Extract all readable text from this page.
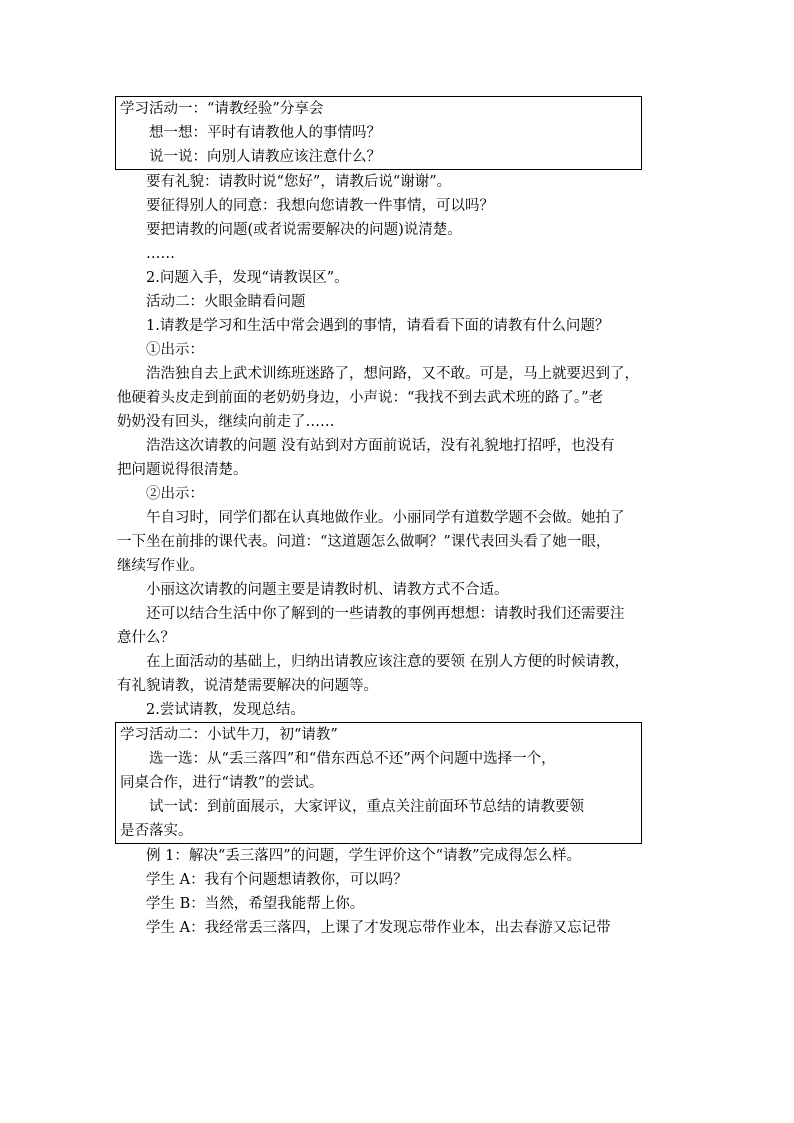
学习活动一：“请教经验”分享会

想一想：平时有请教他人的事情吗？

说一说：向别人请教应该注意什么？

要有礼貌：请教时说“您好”，请教后说“谢谢”。

要征得别人的同意：我想向您请教一件事情，可以吗？

要把请教的问题(或者说需要解决的问题)说清楚。

……

2.问题入手，发现“请教误区”。

活动二：火眼金睛看问题

1.请教是学习和生活中常会遇到的事情，请看看下面的请教有什么问题？

①出示：

浩浩独自去上武术训练班迷路了，想问路，又不敢。可是，马上就要迟到了，

他硬着头皮走到前面的老奶奶身边，小声说：“我找不到去武术班的路了。”老

奶奶没有回头，继续向前走了……

浩浩这次请教的问题 没有站到对方面前说话，没有礼貌地打招呼，也没有

把问题说得很清楚。

②出示：

午自习时，同学们都在认真地做作业。小丽同学有道数学题不会做。她拍了

一下坐在前排的课代表。问道：“这道题怎么做啊？”课代表回头看了她一眼，

继续写作业。

小丽这次请教的问题主要是请教时机、请教方式不合适。

还可以结合生活中你了解到的一些请教的事例再想想：请教时我们还需要注

意什么？

在上面活动的基础上，归纳出请教应该注意的要领 在别人方便的时候请教，

有礼貌请教，说清楚需要解决的问题等。

2.尝试请教，发现总结。

学习活动二：小试牛刀，初“请教”

选一选：从“丢三落四”和“借东西总不还”两个问题中选择一个，

同桌合作，进行“请教”的尝试。

试一试：到前面展示，大家评议，重点关注前面环节总结的请教要领

是否落实。

例 1：解决“丢三落四”的问题，学生评价这个“请教”完成得怎么样。

学生 A：我有个问题想请教你，可以吗？

学生 B：当然，希望我能帮上你。

学生 A：我经常丢三落四，上课了才发现忘带作业本，出去春游又忘记带
